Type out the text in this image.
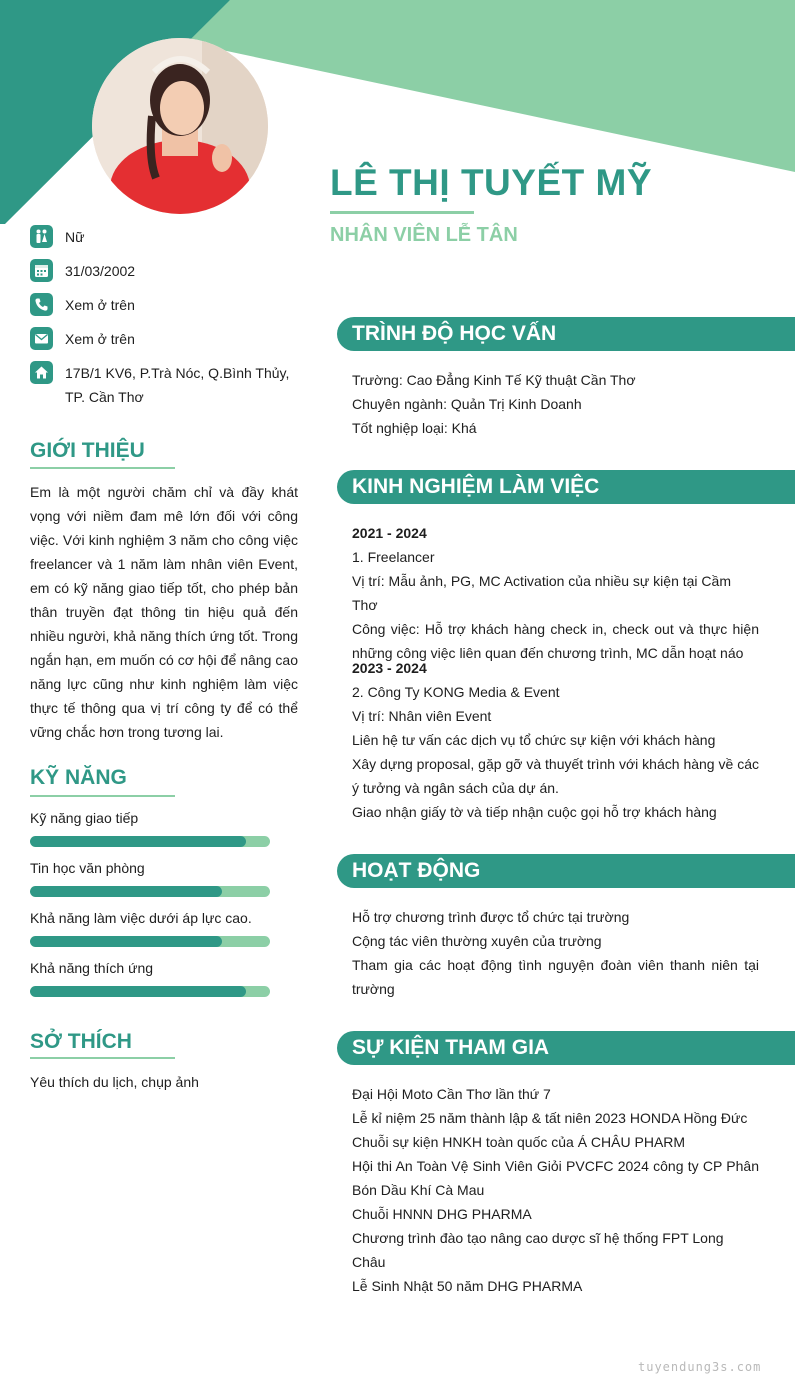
LÊ THỊ TUYẾT MỸ
NHÂN VIÊN LỄ TÂN
Nữ
31/03/2002
Xem ở trên
Xem ở trên
17B/1 KV6, P.Trà Nóc, Q.Bình Thủy, TP. Cần Thơ
GIỚI THIỆU
Em là một người chăm chỉ và đầy khát vọng với niềm đam mê lớn đối với công việc. Với kinh nghiệm 3 năm cho công việc freelancer và 1 năm làm nhân viên Event, em có kỹ năng giao tiếp tốt, cho phép bản thân truyền đạt thông tin hiệu quả đến nhiều người, khả năng thích ứng tốt. Trong ngắn hạn, em muốn có cơ hội để nâng cao năng lực cũng như kinh nghiệm làm việc thực tế thông qua vị trí công ty để có thể vững chắc hơn trong tương lai.
KỸ NĂNG
Kỹ năng giao tiếp
Tin học văn phòng
Khả năng làm việc dưới áp lực cao.
Khả năng thích ứng
SỞ THÍCH
Yêu thích du lịch, chụp ảnh
TRÌNH ĐỘ HỌC VẤN
Trường: Cao Đẳng Kinh Tế Kỹ thuật Cần Thơ
Chuyên ngành: Quản Trị Kinh Doanh
Tốt nghiệp loại: Khá
KINH NGHIỆM LÀM VIỆC
2021 - 2024
1. Freelancer
Vị trí: Mẫu ảnh, PG, MC Activation của nhiều sự kiện tại Cầm Thơ
Công việc: Hỗ trợ khách hàng check in, check out và thực hiện những công việc liên quan đến chương trình, MC dẫn hoạt náo
2023 - 2024
2. Công Ty KONG Media & Event
Vị trí: Nhân viên Event
Liên hệ tư vấn các dịch vụ tổ chức sự kiện với khách hàng
Xây dựng proposal, gặp gỡ và thuyết trình với khách hàng về các ý tưởng và ngân sách của dự án.
Giao nhận giấy tờ và tiếp nhận cuộc gọi hỗ trợ khách hàng
HOẠT ĐỘNG
Hỗ trợ chương trình được tổ chức tại trường
Cộng tác viên thường xuyên của trường
Tham gia các hoạt động tình nguyện đoàn viên thanh niên tại trường
SỰ KIỆN THAM GIA
Đại Hội Moto Cần Thơ lần thứ 7
Lễ kỉ niệm 25 năm thành lập & tất niên 2023 HONDA Hồng Đức
Chuỗi sự kiện HNKH toàn quốc của Á CHÂU PHARM
Hội thi An Toàn Vệ Sinh Viên Giỏi PVCFC 2024 công ty CP Phân Bón Dầu Khí Cà Mau
Chuỗi HNNN DHG PHARMA
Chương trình đào tạo nâng cao dược sĩ hệ thống FPT Long Châu
Lễ Sinh Nhật 50 năm DHG PHARMA
tuyendung3s.com
